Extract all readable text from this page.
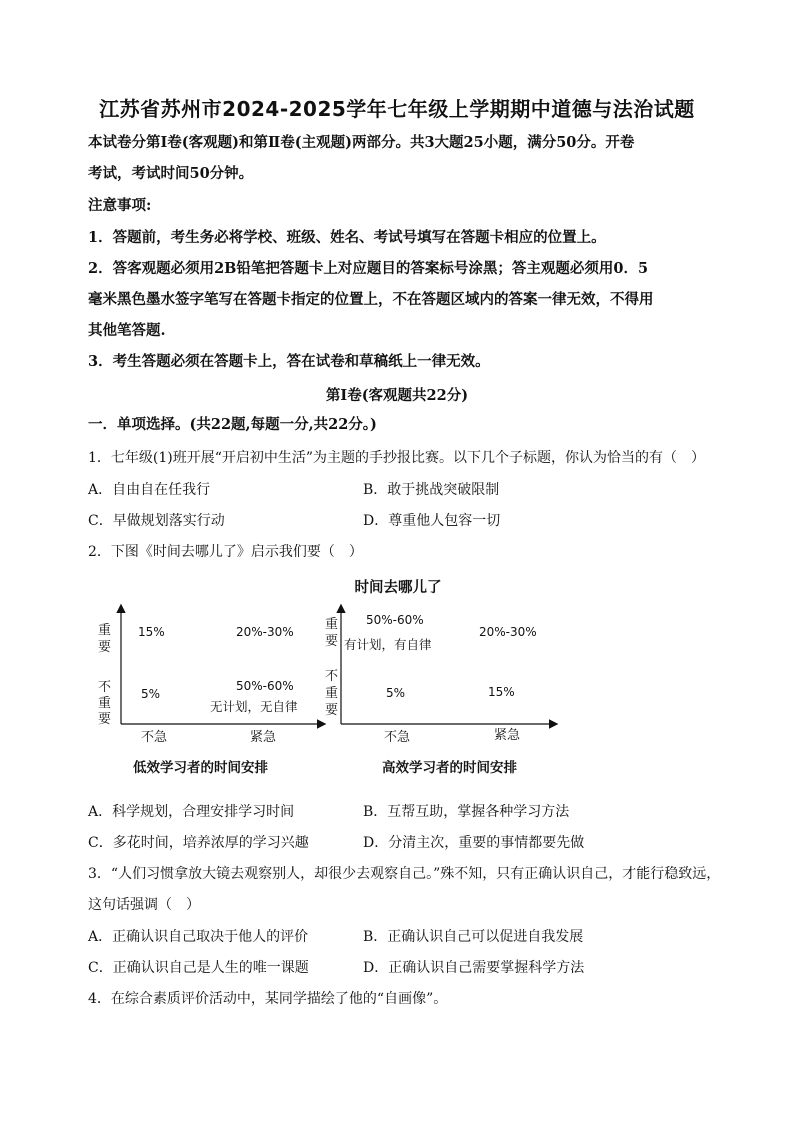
江苏省苏州市2024-2025学年七年级上学期期中道德与法治试题
本试卷分第Ⅰ卷(客观题)和第Ⅱ卷(主观题)两部分。共3大题25小题，满分50分。开卷
考试，考试时间50分钟。
注意事项:
1．答题前，考生务必将学校、班级、姓名、考试号填写在答题卡相应的位置上。
2．答客观题必须用2B铅笔把答题卡上对应题目的答案标号涂黑；答主观题必须用0．5
毫米黑色墨水签字笔写在答题卡指定的位置上，不在答题区域内的答案一律无效，不得用
其他笔答题.
3．考生答题必须在答题卡上，答在试卷和草稿纸上一律无效。
第Ⅰ卷(客观题共22分)
一．单项选择。(共22题,每题一分,共22分。)
1．七年级(1)班开展“开启初中生活”为主题的手抄报比赛。以下几个子标题，你认为恰当的有（　）
A．自由自在任我行	B．敢于挑战突破限制
C．早做规划落实行动	D．尊重他人包容一切
2．下图《时间去哪儿了》启示我们要（　）
时间去哪儿了
重 要
不 重 要
重 要
不 重 要
15%	20%-30%
5%
50%-60%
无计划，无自律
50%-60%
有计划，有自律
20%-30%
5%	15%
不急	紧急	不急	紧急
低效学习者的时间安排	高效学习者的时间安排
A．科学规划，合理安排学习时间	B．互帮互助，掌握各种学习方法
C．多花时间，培养浓厚的学习兴趣	D．分清主次，重要的事情都要先做
3．“人们习惯拿放大镜去观察别人，却很少去观察自己。”殊不知，只有正确认识自己，才能行稳致远，
这句话强调（　）
A．正确认识自己取决于他人的评价	B．正确认识自己可以促进自我发展
C．正确认识自己是人生的唯一课题	D．正确认识自己需要掌握科学方法
4．在综合素质评价活动中，某同学描绘了他的“自画像”。
